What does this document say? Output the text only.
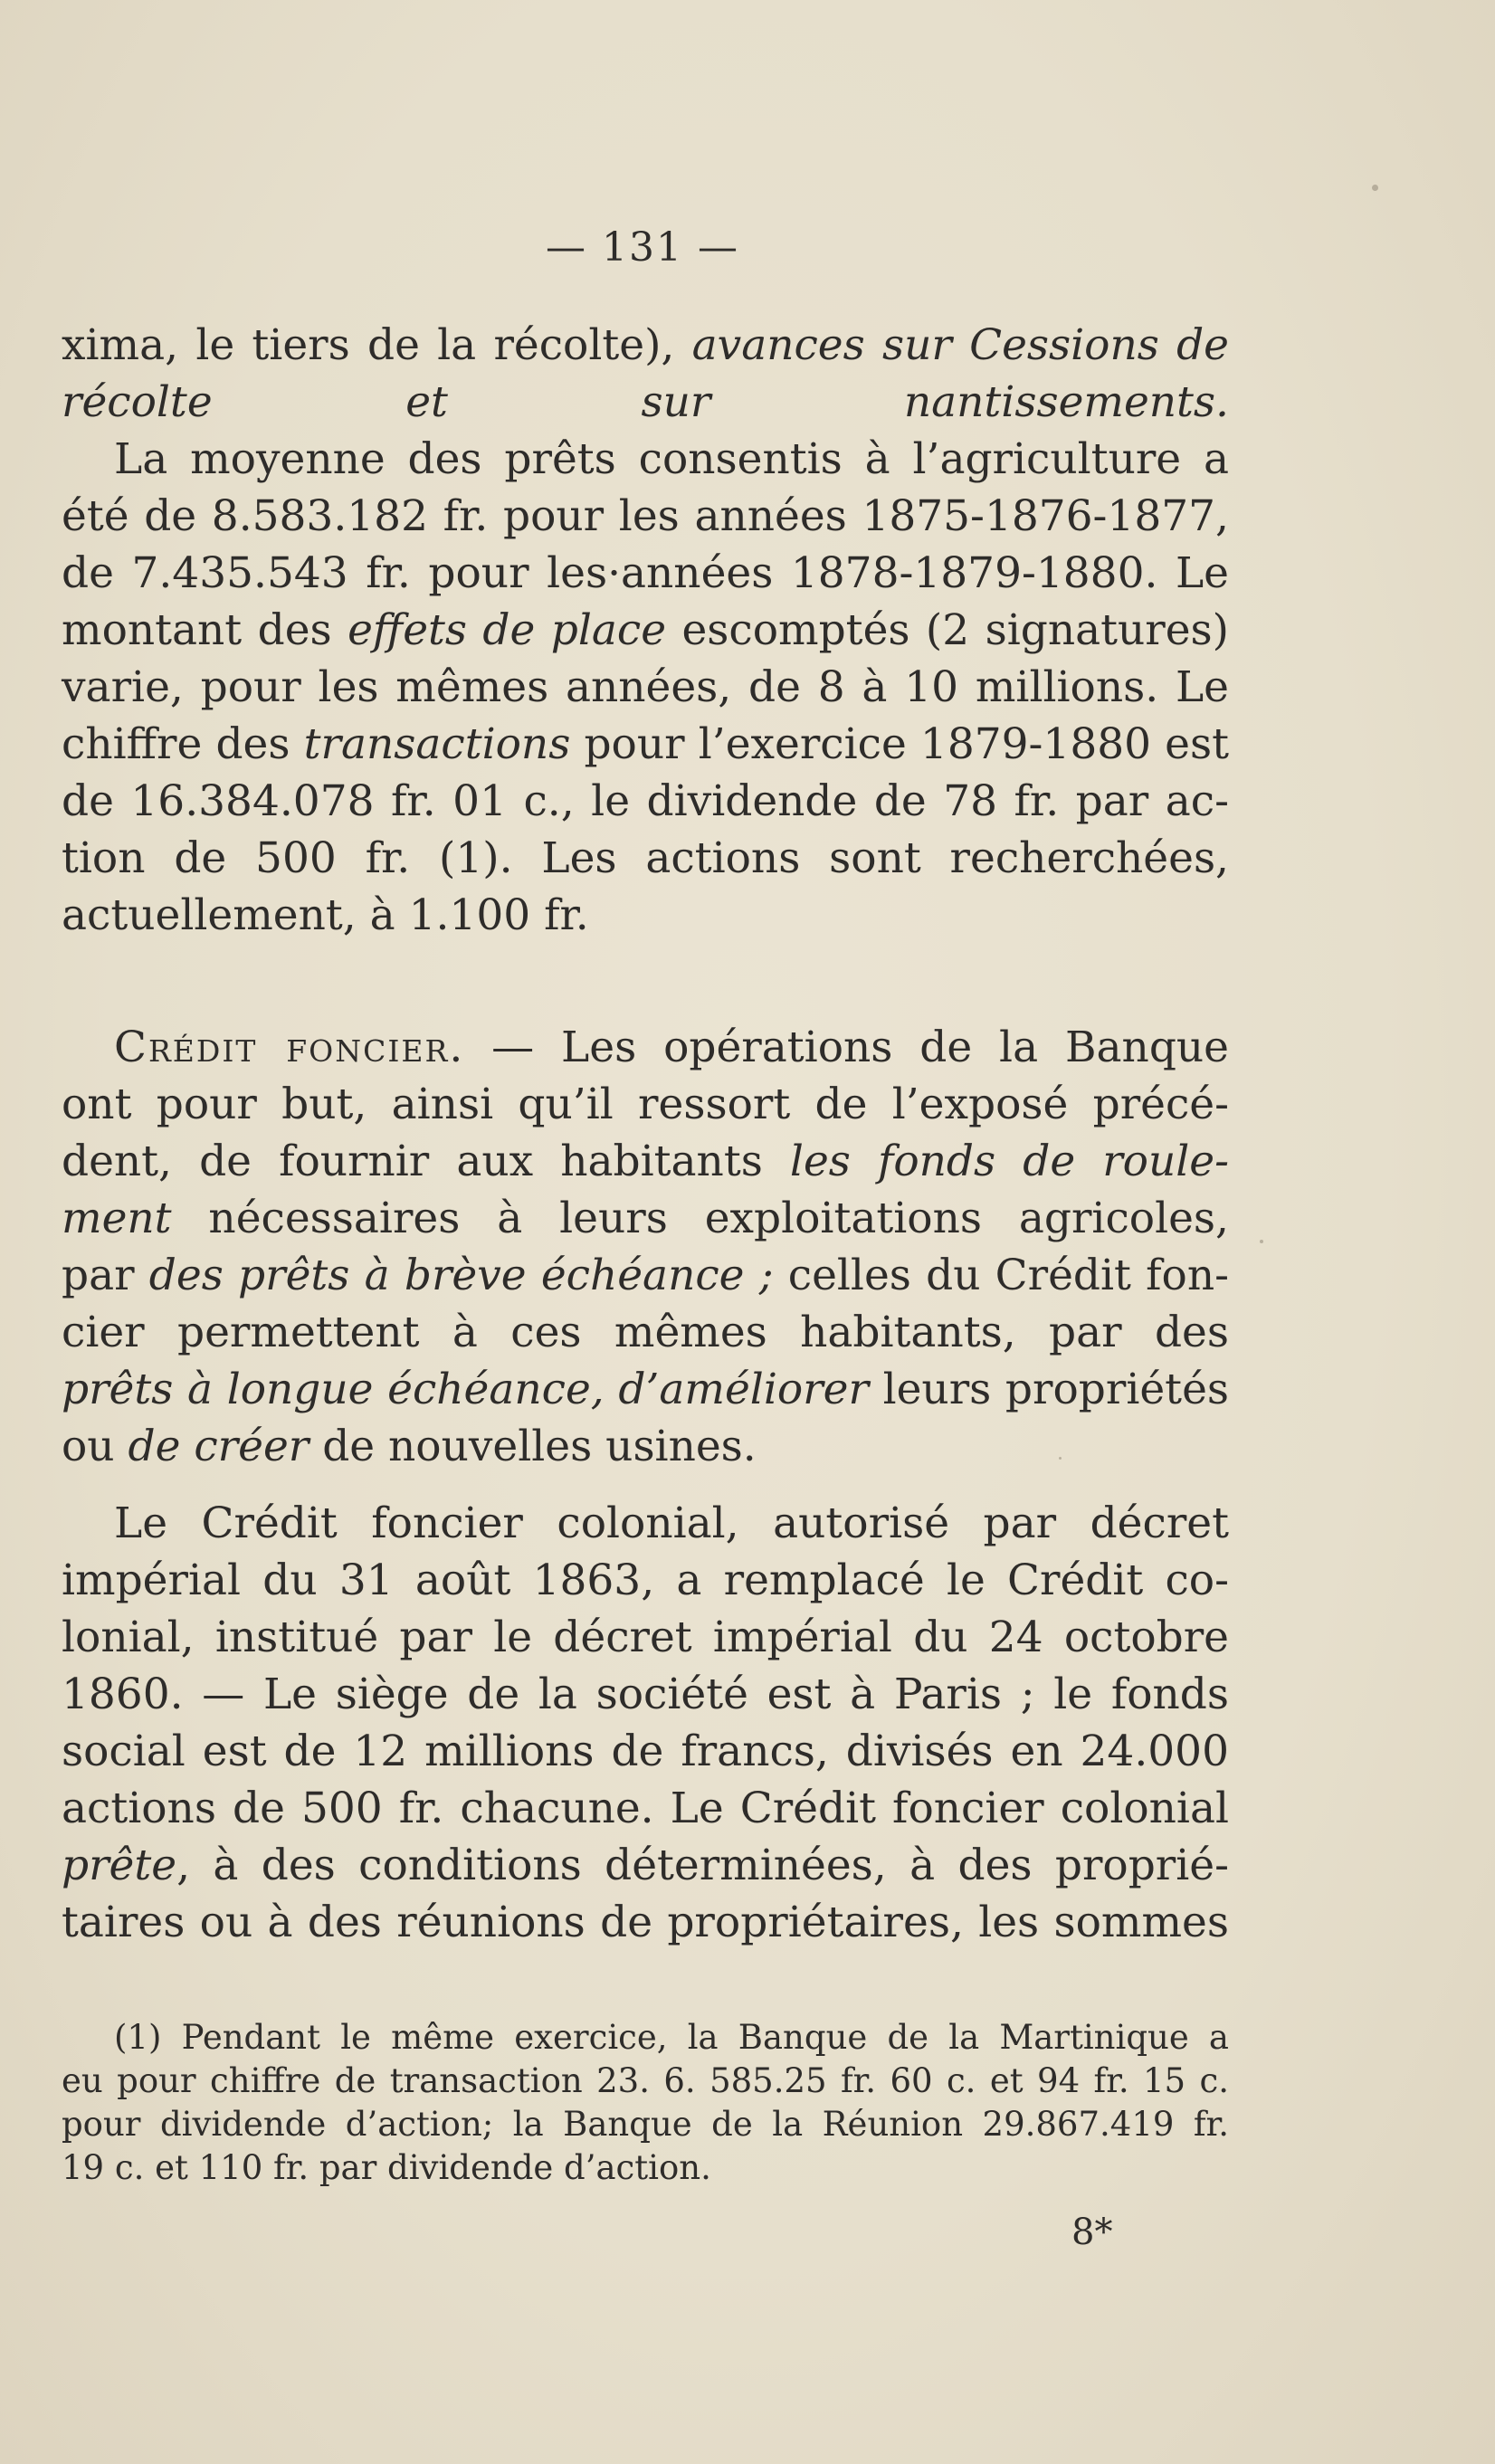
— 131 —
xima, le tiers de la récolte), avances sur Cessions de
récolte et sur nantissements.
La moyenne des prêts consentis à l’agriculture a
été de 8.583.182 fr. pour les années 1875-1876-1877,
de 7.435.543 fr. pour les·années 1878-1879-1880. Le
montant des effets de place escomptés (2 signatures)
varie, pour les mêmes années, de 8 à 10 millions. Le
chiffre des transactions pour l’exercice 1879-1880 est
de 16.384.078 fr. 01 c., le dividende de 78 fr. par ac-
tion de 500 fr. (1). Les actions sont recherchées,
actuellement, à 1.100 fr.
Crédit foncier. — Les opérations de la Banque
ont pour but, ainsi qu’il ressort de l’exposé précé-
dent, de fournir aux habitants les fonds de roule-
ment nécessaires à leurs exploitations agricoles,
par des prêts à brève échéance ; celles du Crédit fon-
cier permettent à ces mêmes habitants, par des
prêts à longue échéance, d’améliorer leurs propriétés
ou de créer de nouvelles usines.
Le Crédit foncier colonial, autorisé par décret
impérial du 31 août 1863, a remplacé le Crédit co-
lonial, institué par le décret impérial du 24 octobre
1860. — Le siège de la société est à Paris ; le fonds
social est de 12 millions de francs, divisés en 24.000
actions de 500 fr. chacune. Le Crédit foncier colonial
prête, à des conditions déterminées, à des proprié-
taires ou à des réunions de propriétaires, les sommes
(1) Pendant le même exercice, la Banque de la Martinique a
eu pour chiffre de transaction 23. 6. 585.25 fr. 60 c. et 94 fr. 15 c.
pour dividende d’action; la Banque de la Réunion 29.867.419 fr.
19 c. et 110 fr. par dividende d’action.
8*
